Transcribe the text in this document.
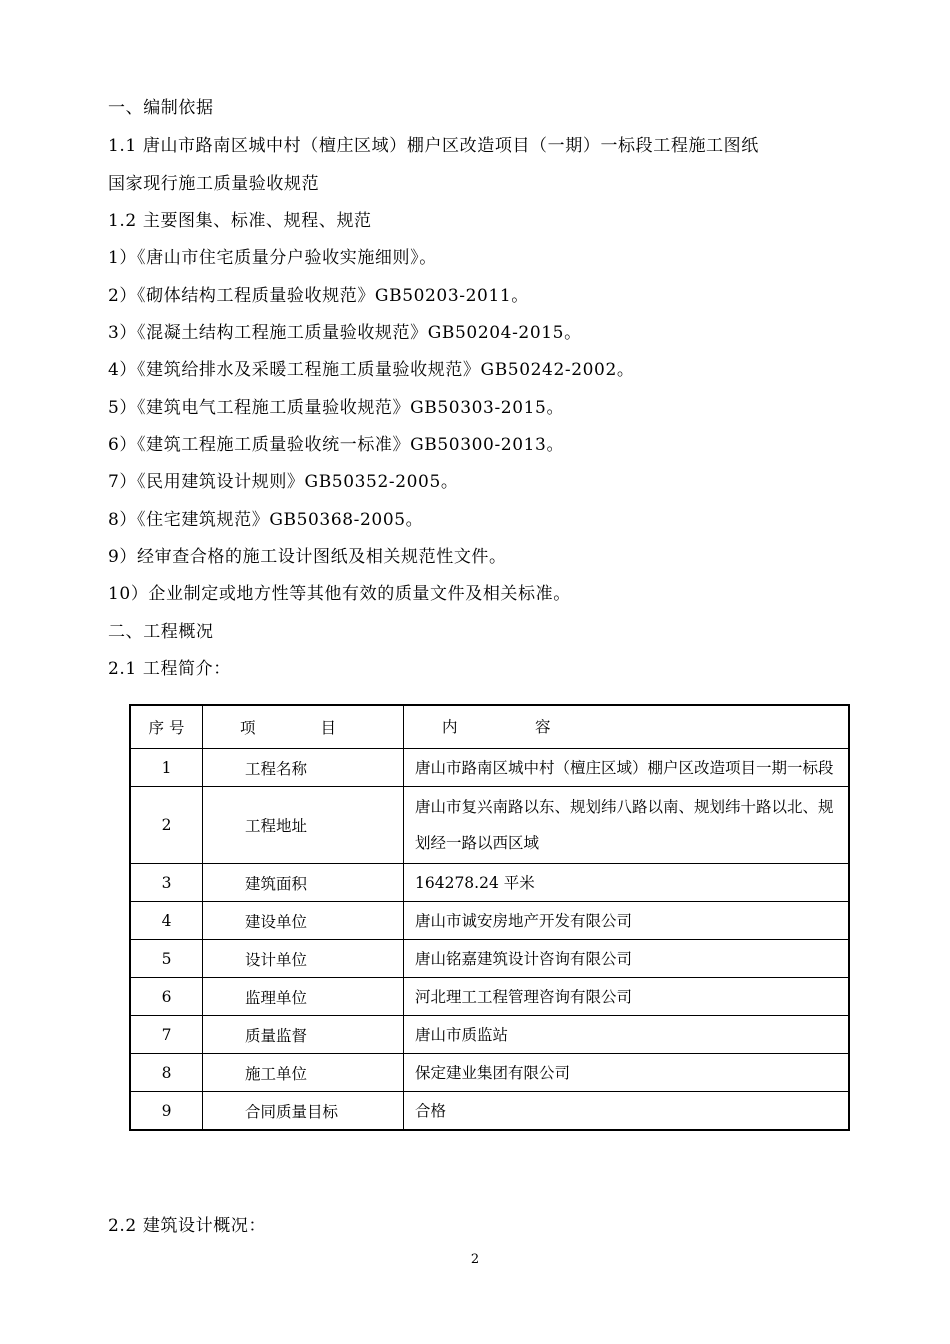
一、编制依据
1.1 唐山市路南区城中村（檀庄区域）棚户区改造项目（一期）一标段工程施工图纸
国家现行施工质量验收规范
1.2 主要图集、标准、规程、规范
1）《唐山市住宅质量分户验收实施细则》。
2）《砌体结构工程质量验收规范》GB50203-2011。
3）《混凝土结构工程施工质量验收规范》GB50204-2015。
4）《建筑给排水及采暖工程施工质量验收规范》GB50242-2002。
5）《建筑电气工程施工质量验收规范》GB50303-2015。
6）《建筑工程施工质量验收统一标准》GB50300-2013。
7）《民用建筑设计规则》GB50352-2005。
8）《住宅建筑规范》GB50368-2005。
9）经审查合格的施工设计图纸及相关规范性文件。
10）企业制定或地方性等其他有效的质量文件及相关标准。
二、工程概况
2.1 工程简介：
序 号	项 目	内　　　　　容
1	工程名称	唐山市路南区城中村（檀庄区域）棚户区改造项目一期一标段
2	工程地址	唐山市复兴南路以东、规划纬八路以南、规划纬十路以北、规划经一路以西区域
3	建筑面积	164278.24 平米
4	建设单位	唐山市诚安房地产开发有限公司
5	设计单位	唐山铭嘉建筑设计咨询有限公司
6	监理单位	河北理工工程管理咨询有限公司
7	质量监督	唐山市质监站
8	施工单位	保定建业集团有限公司
9	合同质量目标	合格
2.2 建筑设计概况：
2
